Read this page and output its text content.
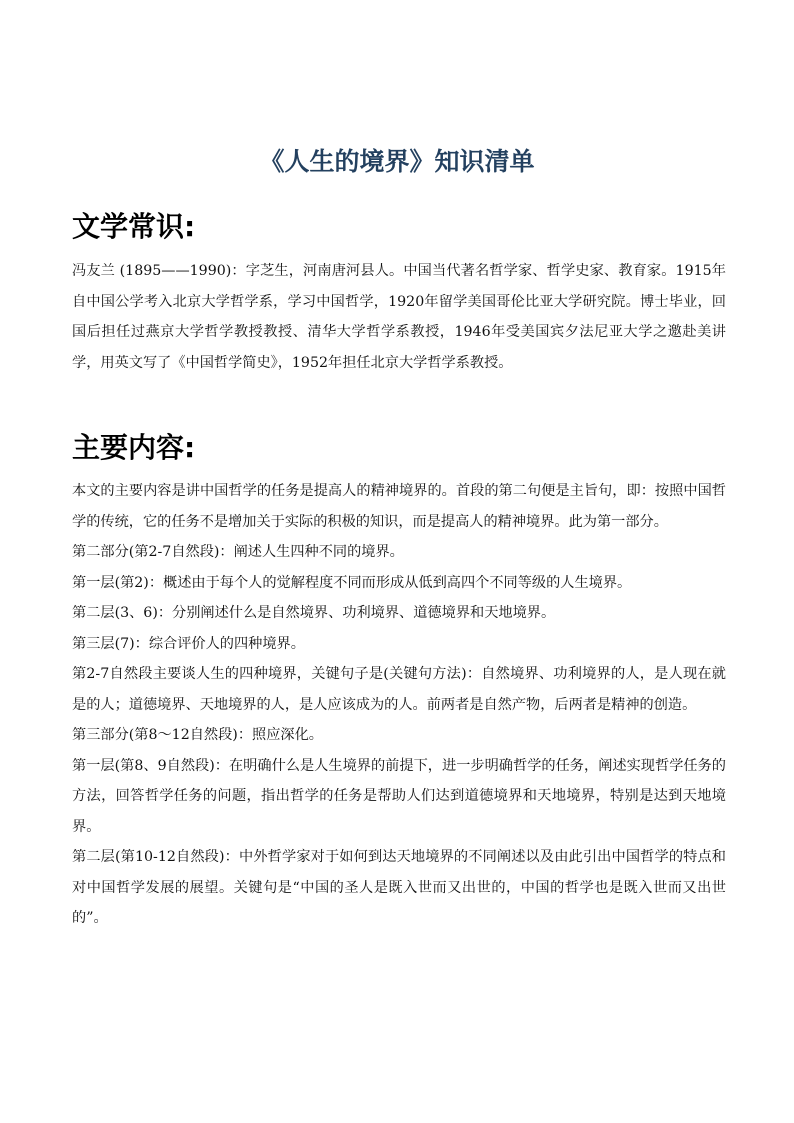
《人生的境界》知识清单
文学常识:

冯友兰 (1895——1990)：字芝生，河南唐河县人。中国当代著名哲学家、哲学史家、教育家。1915年自中国公学考入北京大学哲学系，学习中国哲学，1920年留学美国哥伦比亚大学研究院。博士毕业，回国后担任过燕京大学哲学教授教授、清华大学哲学系教授，1946年受美国宾夕法尼亚大学之邀赴美讲学，用英文写了《中国哲学简史》，1952年担任北京大学哲学系教授。

主要内容:

本文的主要内容是讲中国哲学的任务是提高人的精神境界的。首段的第二句便是主旨句，即：按照中国哲学的传统，它的任务不是增加关于实际的积极的知识，而是提高人的精神境界。此为第一部分。

第二部分(第2-7自然段)：阐述人生四种不同的境界。

第一层(第2)：概述由于每个人的觉解程度不同而形成从低到高四个不同等级的人生境界。

第二层(3、6)：分别阐述什么是自然境界、功利境界、道德境界和天地境界。

第三层(7)：综合评价人的四种境界。

第2-7自然段主要谈人生的四种境界，关键句子是(关键句方法)：自然境界、功利境界的人，是人现在就是的人；道德境界、天地境界的人，是人应该成为的人。前两者是自然产物，后两者是精神的创造。

第三部分(第8～12自然段)：照应深化。

第一层(第8、9自然段)：在明确什么是人生境界的前提下，进一步明确哲学的任务，阐述实现哲学任务的方法，回答哲学任务的问题，指出哲学的任务是帮助人们达到道德境界和天地境界，特别是达到天地境界。

第二层(第10-12自然段)：中外哲学家对于如何到达天地境界的不同阐述以及由此引出中国哲学的特点和对中国哲学发展的展望。关键句是“中国的圣人是既入世而又出世的，中国的哲学也是既入世而又出世的”。
